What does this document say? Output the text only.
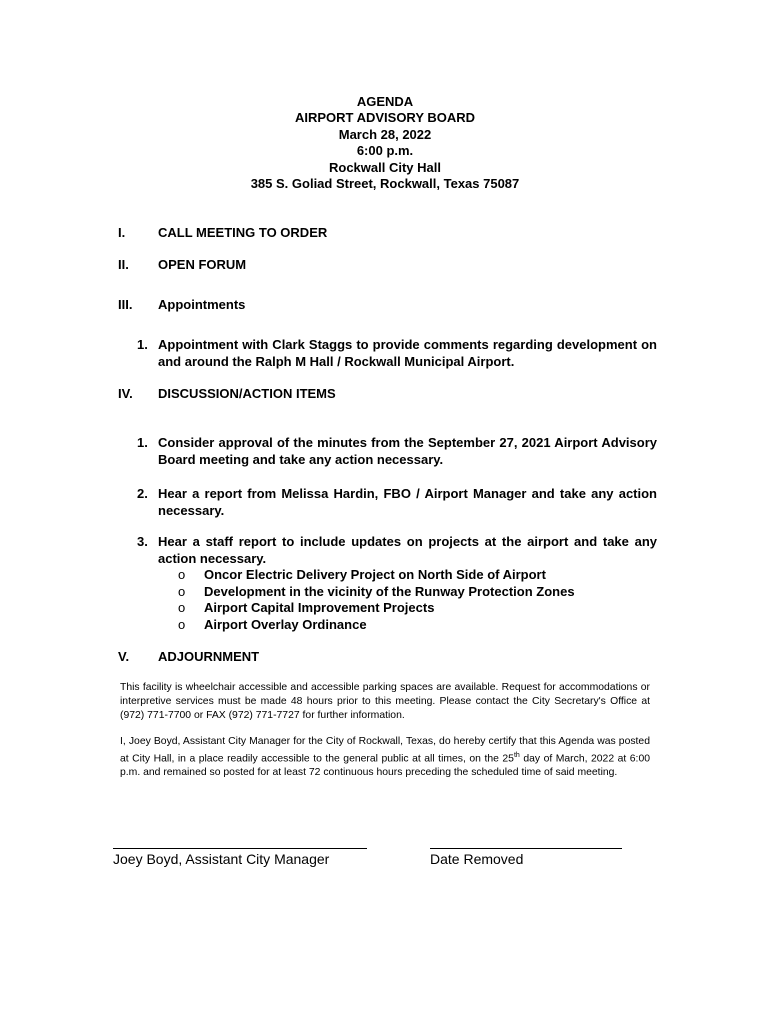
AGENDA
AIRPORT ADVISORY BOARD
March 28, 2022
6:00 p.m.
Rockwall City Hall
385 S. Goliad Street, Rockwall, Texas 75087
I.	CALL MEETING TO ORDER
II. OPEN FORUM
III. Appointments
1. Appointment with Clark Staggs to provide comments regarding development on and around the Ralph M Hall / Rockwall Municipal Airport.
IV. DISCUSSION/ACTION ITEMS
1. Consider approval of the minutes from the September 27, 2021 Airport Advisory Board meeting and take any action necessary.
2. Hear a report from Melissa Hardin, FBO / Airport Manager and take any action necessary.
3. Hear a staff report to include updates on projects at the airport and take any action necessary.
o Oncor Electric Delivery Project on North Side of Airport
o Development in the vicinity of the Runway Protection Zones
o Airport Capital Improvement Projects
o Airport Overlay Ordinance
V. ADJOURNMENT
This facility is wheelchair accessible and accessible parking spaces are available. Request for accommodations or interpretive services must be made 48 hours prior to this meeting. Please contact the City Secretary's Office at (972) 771-7700 or FAX (972) 771-7727 for further information.
I, Joey Boyd, Assistant City Manager for the City of Rockwall, Texas, do hereby certify that this Agenda was posted at City Hall, in a place readily accessible to the general public at all times, on the 25th day of March, 2022 at 6:00 p.m. and remained so posted for at least 72 continuous hours preceding the scheduled time of said meeting.
Joey Boyd, Assistant City Manager	Date Removed
